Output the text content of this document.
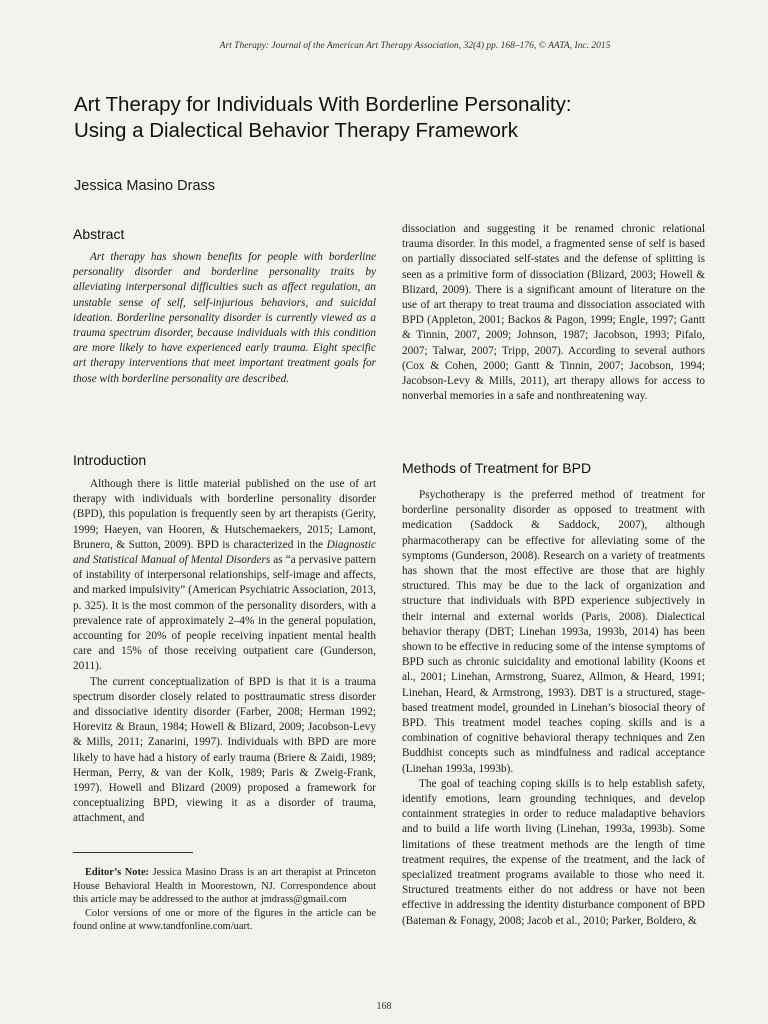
Art Therapy: Journal of the American Art Therapy Association, 32(4) pp. 168–176, © AATA, Inc. 2015
Art Therapy for Individuals With Borderline Personality:
Using a Dialectical Behavior Therapy Framework
Jessica Masino Drass
Abstract

Art therapy has shown benefits for people with borderline personality disorder and borderline personality traits by alleviating interpersonal difficulties such as affect regulation, an unstable sense of self, self-injurious behaviors, and suicidal ideation. Borderline personality disorder is currently viewed as a trauma spectrum disorder, because individuals with this condition are more likely to have experienced early trauma. Eight specific art therapy interventions that meet important treatment goals for those with borderline personality are described.

Introduction

Although there is little material published on the use of art therapy with individuals with borderline personality disorder (BPD), this population is frequently seen by art therapists (Gerity, 1999; Haeyen, van Hooren, & Hutschemaekers, 2015; Lamont, Brunero, & Sutton, 2009). BPD is characterized in the Diagnostic and Statistical Manual of Mental Disorders as “a pervasive pattern of instability of interpersonal relationships, self-image and affects, and marked impulsivity” (American Psychiatric Association, 2013, p. 325). It is the most common of the personality disorders, with a prevalence rate of approximately 2–4% in the general population, accounting for 20% of people receiving inpatient mental health care and 15% of those receiving outpatient care (Gunderson, 2011).

The current conceptualization of BPD is that it is a trauma spectrum disorder closely related to posttraumatic stress disorder and dissociative identity disorder (Farber, 2008; Herman 1992; Horevitz & Braun, 1984; Howell & Blizard, 2009; Jacobson-Levy & Mills, 2011; Zanarini, 1997). Individuals with BPD are more likely to have had a history of early trauma (Briere & Zaidi, 1989; Herman, Perry, & van der Kolk, 1989; Paris & Zweig-Frank, 1997). Howell and Blizard (2009) proposed a framework for conceptualizing BPD, viewing it as a disorder of trauma, attachment, and

dissociation and suggesting it be renamed chronic relational trauma disorder. In this model, a fragmented sense of self is based on partially dissociated self-states and the defense of splitting is seen as a primitive form of dissociation (Blizard, 2003; Howell & Blizard, 2009). There is a significant amount of literature on the use of art therapy to treat trauma and dissociation associated with BPD (Appleton, 2001; Backos & Pagon, 1999; Engle, 1997; Gantt & Tinnin, 2007, 2009; Johnson, 1987; Jacobson, 1993; Pifalo, 2007; Talwar, 2007; Tripp, 2007). According to several authors (Cox & Cohen, 2000; Gantt & Tinnin, 2007; Jacobson, 1994; Jacobson-Levy & Mills, 2011), art therapy allows for access to nonverbal memories in a safe and nonthreatening way.

Methods of Treatment for BPD

Psychotherapy is the preferred method of treatment for borderline personality disorder as opposed to treatment with medication (Saddock & Saddock, 2007), although pharmacotherapy can be effective for alleviating some of the symptoms (Gunderson, 2008). Research on a variety of treatments has shown that the most effective are those that are highly structured. This may be due to the lack of organization and structure that individuals with BPD experience subjectively in their internal and external worlds (Paris, 2008). Dialectical behavior therapy (DBT; Linehan 1993a, 1993b, 2014) has been shown to be effective in reducing some of the intense symptoms of BPD such as chronic suicidality and emotional lability (Koons et al., 2001; Linehan, Armstrong, Suarez, Allmon, & Heard, 1991; Linehan, Heard, & Armstrong, 1993). DBT is a structured, stage-based treatment model, grounded in Linehan’s biosocial theory of BPD. This treatment model teaches coping skills and is a combination of cognitive behavioral therapy techniques and Zen Buddhist concepts such as mindfulness and radical acceptance (Linehan 1993a, 1993b).

The goal of teaching coping skills is to help establish safety, identify emotions, learn grounding techniques, and develop containment strategies in order to reduce maladaptive behaviors and to build a life worth living (Linehan, 1993a, 1993b). Some limitations of these treatment methods are the length of time treatment requires, the expense of the treatment, and the lack of specialized treatment programs available to those who need it. Structured treatments either do not address or have not been effective in addressing the identity disturbance component of BPD (Bateman & Fonagy, 2008; Jacob et al., 2010; Parker, Boldero, &

Editor’s Note: Jessica Masino Drass is an art therapist at Princeton House Behavioral Health in Moorestown, NJ. Correspondence about this article may be addressed to the author at jmdrass@gmail.com

Color versions of one or more of the figures in the article can be found online at www.tandfonline.com/uart.

168
